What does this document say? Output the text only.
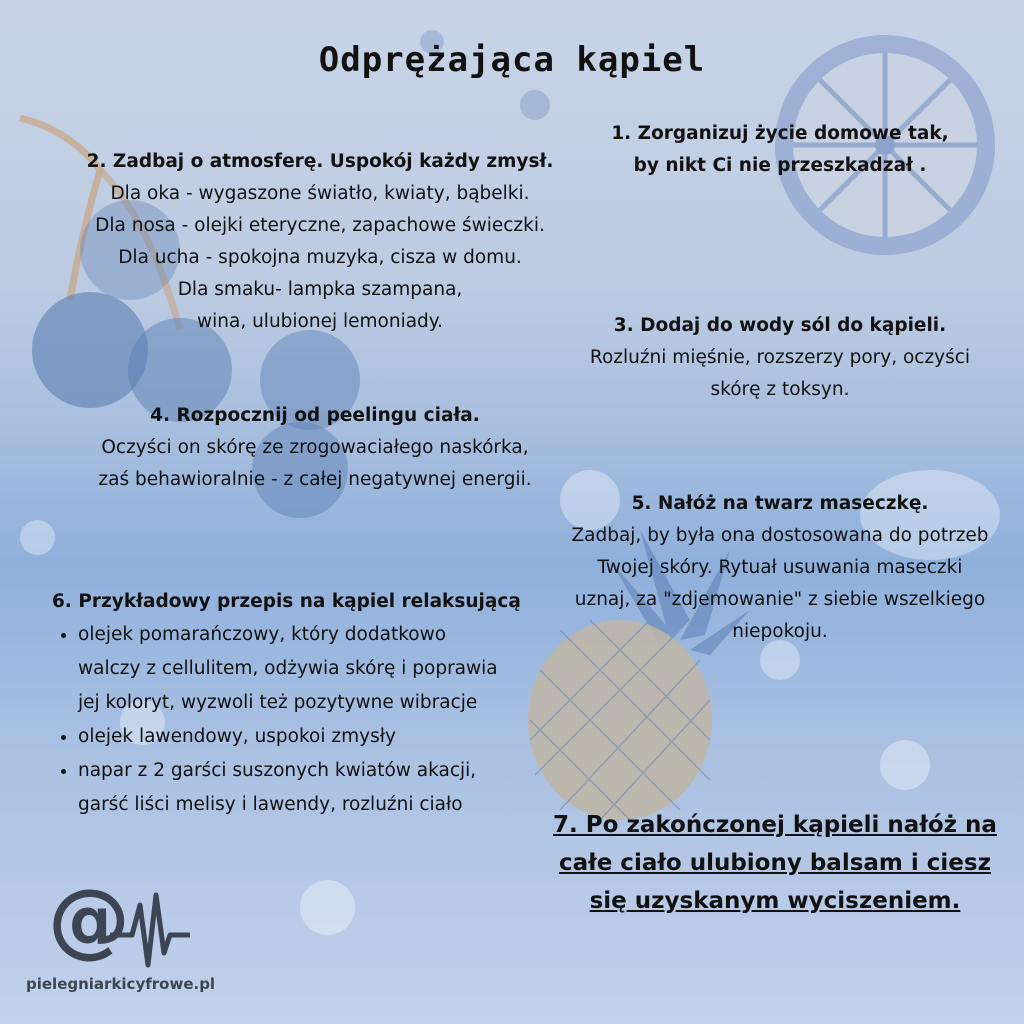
Odprężająca kąpiel
2. Zadbaj o atmosferę. Uspokój każdy zmysł.
Dla oka - wygaszone światło, kwiaty, bąbelki.
Dla nosa - olejki eteryczne, zapachowe świeczki.
Dla ucha - spokojna muzyka, cisza w domu.
Dla smaku- lampka szampana,
wina, ulubionej lemoniady.
1. Zorganizuj życie domowe tak,
by nikt Ci nie przeszkadzał .
3. Dodaj do wody sól do kąpieli.
Rozluźni mięśnie, rozszerzy pory, oczyści
skórę z toksyn.
4. Rozpocznij od peelingu ciała.
Oczyści on skórę ze zrogowaciałego naskórka,
zaś behawioralnie - z całej negatywnej energii.
5. Nałóż na twarz maseczkę.
Zadbaj, by była ona dostosowana do potrzeb
Twojej skóry. Rytuał usuwania maseczki
uznaj, za "zdjemowanie" z siebie wszelkiego
niepokoju.
6. Przykładowy przepis na kąpiel relaksującą
• olejek pomarańczowy, który dodatkowo
walczy z cellulitem, odżywia skórę i poprawia
jej koloryt, wyzwoli też pozytywne wibracje
• olejek lawendowy, uspokoi zmysły
• napar z 2 garści suszonych kwiatów akacji,
garść liści melisy i lawendy, rozluźni ciało
7. Po zakończonej kąpieli nałóż na
całe ciało ulubiony balsam i ciesz
się uzyskanym wyciszeniem.
@
pielegniarkicyfrowe.pl
